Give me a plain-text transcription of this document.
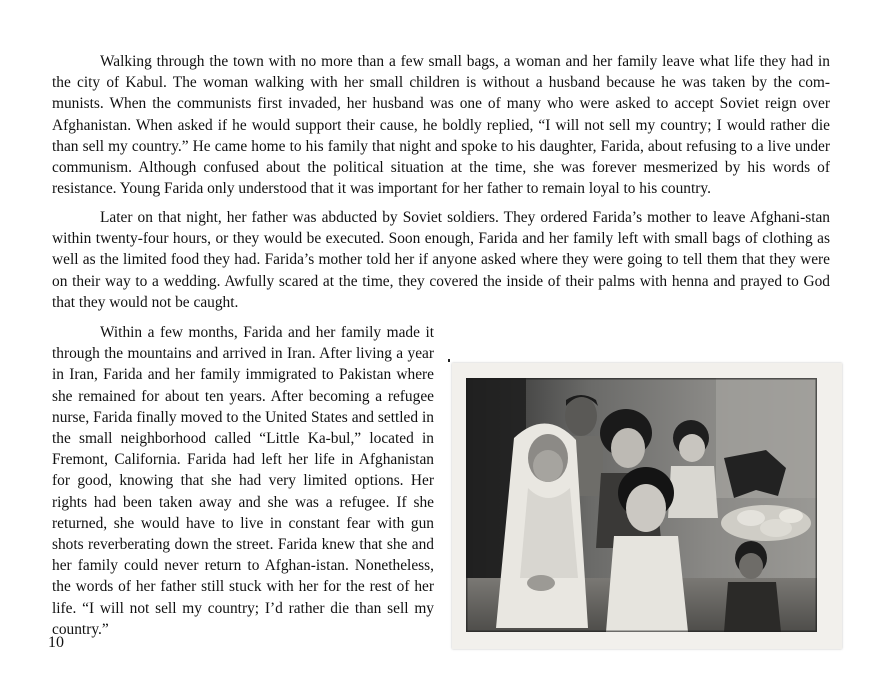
Walking through the town with no more than a few small bags, a woman and her family leave what life they had in the city of Kabul. The woman walking with her small children is without a husband because he was taken by the com-munists. When the communists first invaded, her husband was one of many who were asked to accept Soviet reign over Afghanistan. When asked if he would support their cause, he boldly replied, “I will not sell my country; I would rather die than sell my country.” He came home to his family that night and spoke to his daughter, Farida, about refusing to a live under communism. Although confused about the political situation at the time, she was forever mesmerized by his words of resistance. Young Farida only understood that it was important for her father to remain loyal to his country.

Later on that night, her father was abducted by Soviet soldiers. They ordered Farida’s mother to leave Afghani-stan within twenty-four hours, or they would be executed. Soon enough, Farida and her family left with small bags of clothing as well as the limited food they had. Farida’s mother told her if anyone asked where they were going to tell them that they were on their way to a wedding. Awfully scared at the time, they covered the inside of their palms with henna and prayed to God that they would not be caught.

Within a few months, Farida and her family made it through the mountains and arrived in Iran. After living a year in Iran, Farida and her family immigrated to Pakistan where she remained for about ten years. After becoming a refugee nurse, Farida finally moved to the United States and settled in the small neighborhood called “Little Ka-bul,” located in Fremont, California. Farida had left her life in Afghanistan for good, knowing that she had very limited options. Her rights had been taken away and she was a refugee. If she returned, she would have to live in constant fear with gun shots reverberating down the street. Farida knew that she and her family could never return to Afghan-istan. Nonetheless, the words of her father still stuck with her for the rest of her life. “I will not sell my country; I’d rather die than sell my country.”

10
